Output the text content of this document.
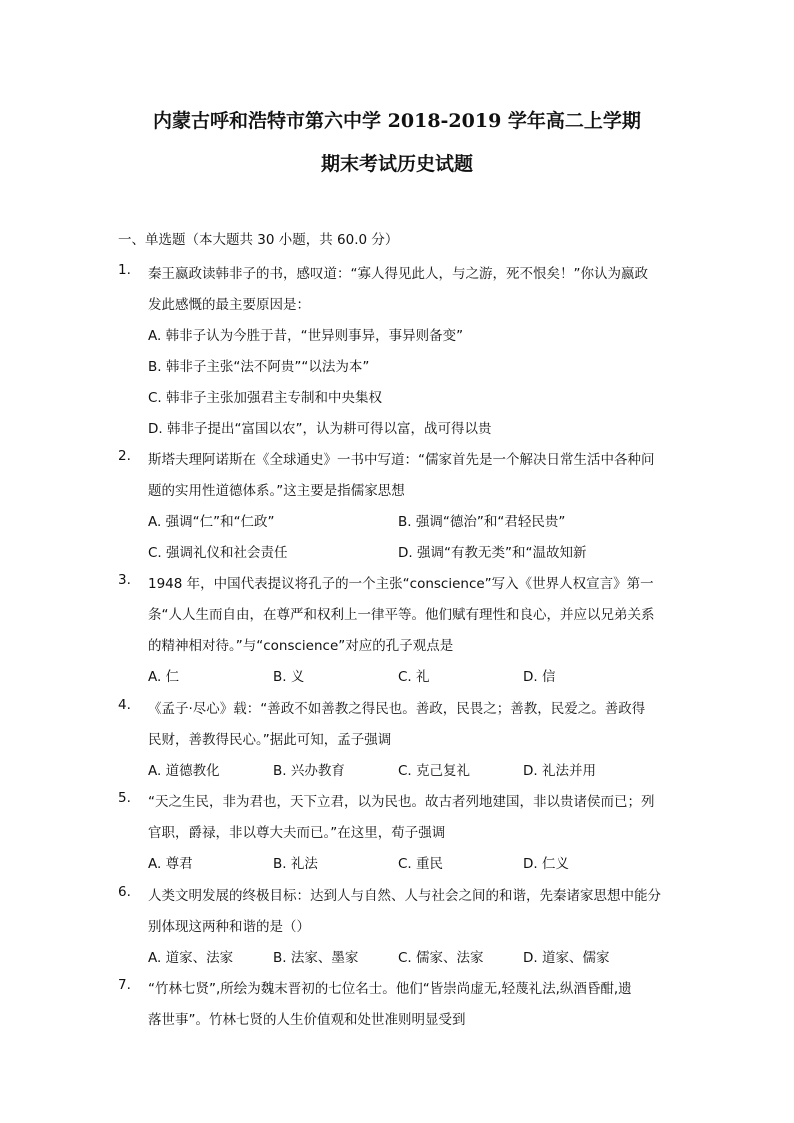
内蒙古呼和浩特市第六中学 2018-2019 学年高二上学期
期末考试历史试题
一、单选题（本大题共 30 小题，共 60.0 分）
1.	秦王嬴政读韩非子的书，感叹道：“寡人得见此人，与之游，死不恨矣！”你认为嬴政
发此感慨的最主要原因是：
A. 韩非子认为今胜于昔，“世异则事异，事异则备变”
B. 韩非子主张“法不阿贵”“以法为本”
C. 韩非子主张加强君主专制和中央集权
D. 韩非子提出“富国以农”，认为耕可得以富，战可得以贵
2.	斯塔夫理阿诺斯在《全球通史》一书中写道：“儒家首先是一个解决日常生活中各种问
题的实用性道德体系。”这主要是指儒家思想
A. 强调“仁”和“仁政”	B. 强调“德治”和“君轻民贵”
C. 强调礼仪和社会责任	D. 强调“有教无类”和“温故知新
3.	1948 年，中国代表提议将孔子的一个主张“conscience”写入《世界人权宣言》第一
条“人人生而自由，在尊严和权利上一律平等。他们赋有理性和良心，并应以兄弟关系
的精神相对待。”与“conscience”对应的孔子观点是
A. 仁	B. 义	C. 礼	D. 信
4.	《孟子·尽心》载：“善政不如善教之得民也。善政，民畏之；善教，民爱之。善政得
民财，善教得民心。”据此可知，孟子强调
A. 道德教化	B. 兴办教育	C. 克己复礼	D. 礼法并用
5.	“天之生民，非为君也，天下立君，以为民也。故古者列地建国，非以贵诸侯而已；列
官职，爵禄，非以尊大夫而已。”在这里，荀子强调
A. 尊君	B. 礼法	C. 重民	D. 仁义
6.	人类文明发展的终极目标：达到人与自然、人与社会之间的和谐，先秦诸家思想中能分
别体现这两种和谐的是（）
A. 道家、法家	B. 法家、墨家	C. 儒家、法家	D. 道家、儒家
7.	“竹林七贤”,所绘为魏末晋初的七位名士。他们“皆崇尚虚无,轻蔑礼法,纵酒昏酣,遗
落世事”。竹林七贤的人生价值观和处世准则明显受到
